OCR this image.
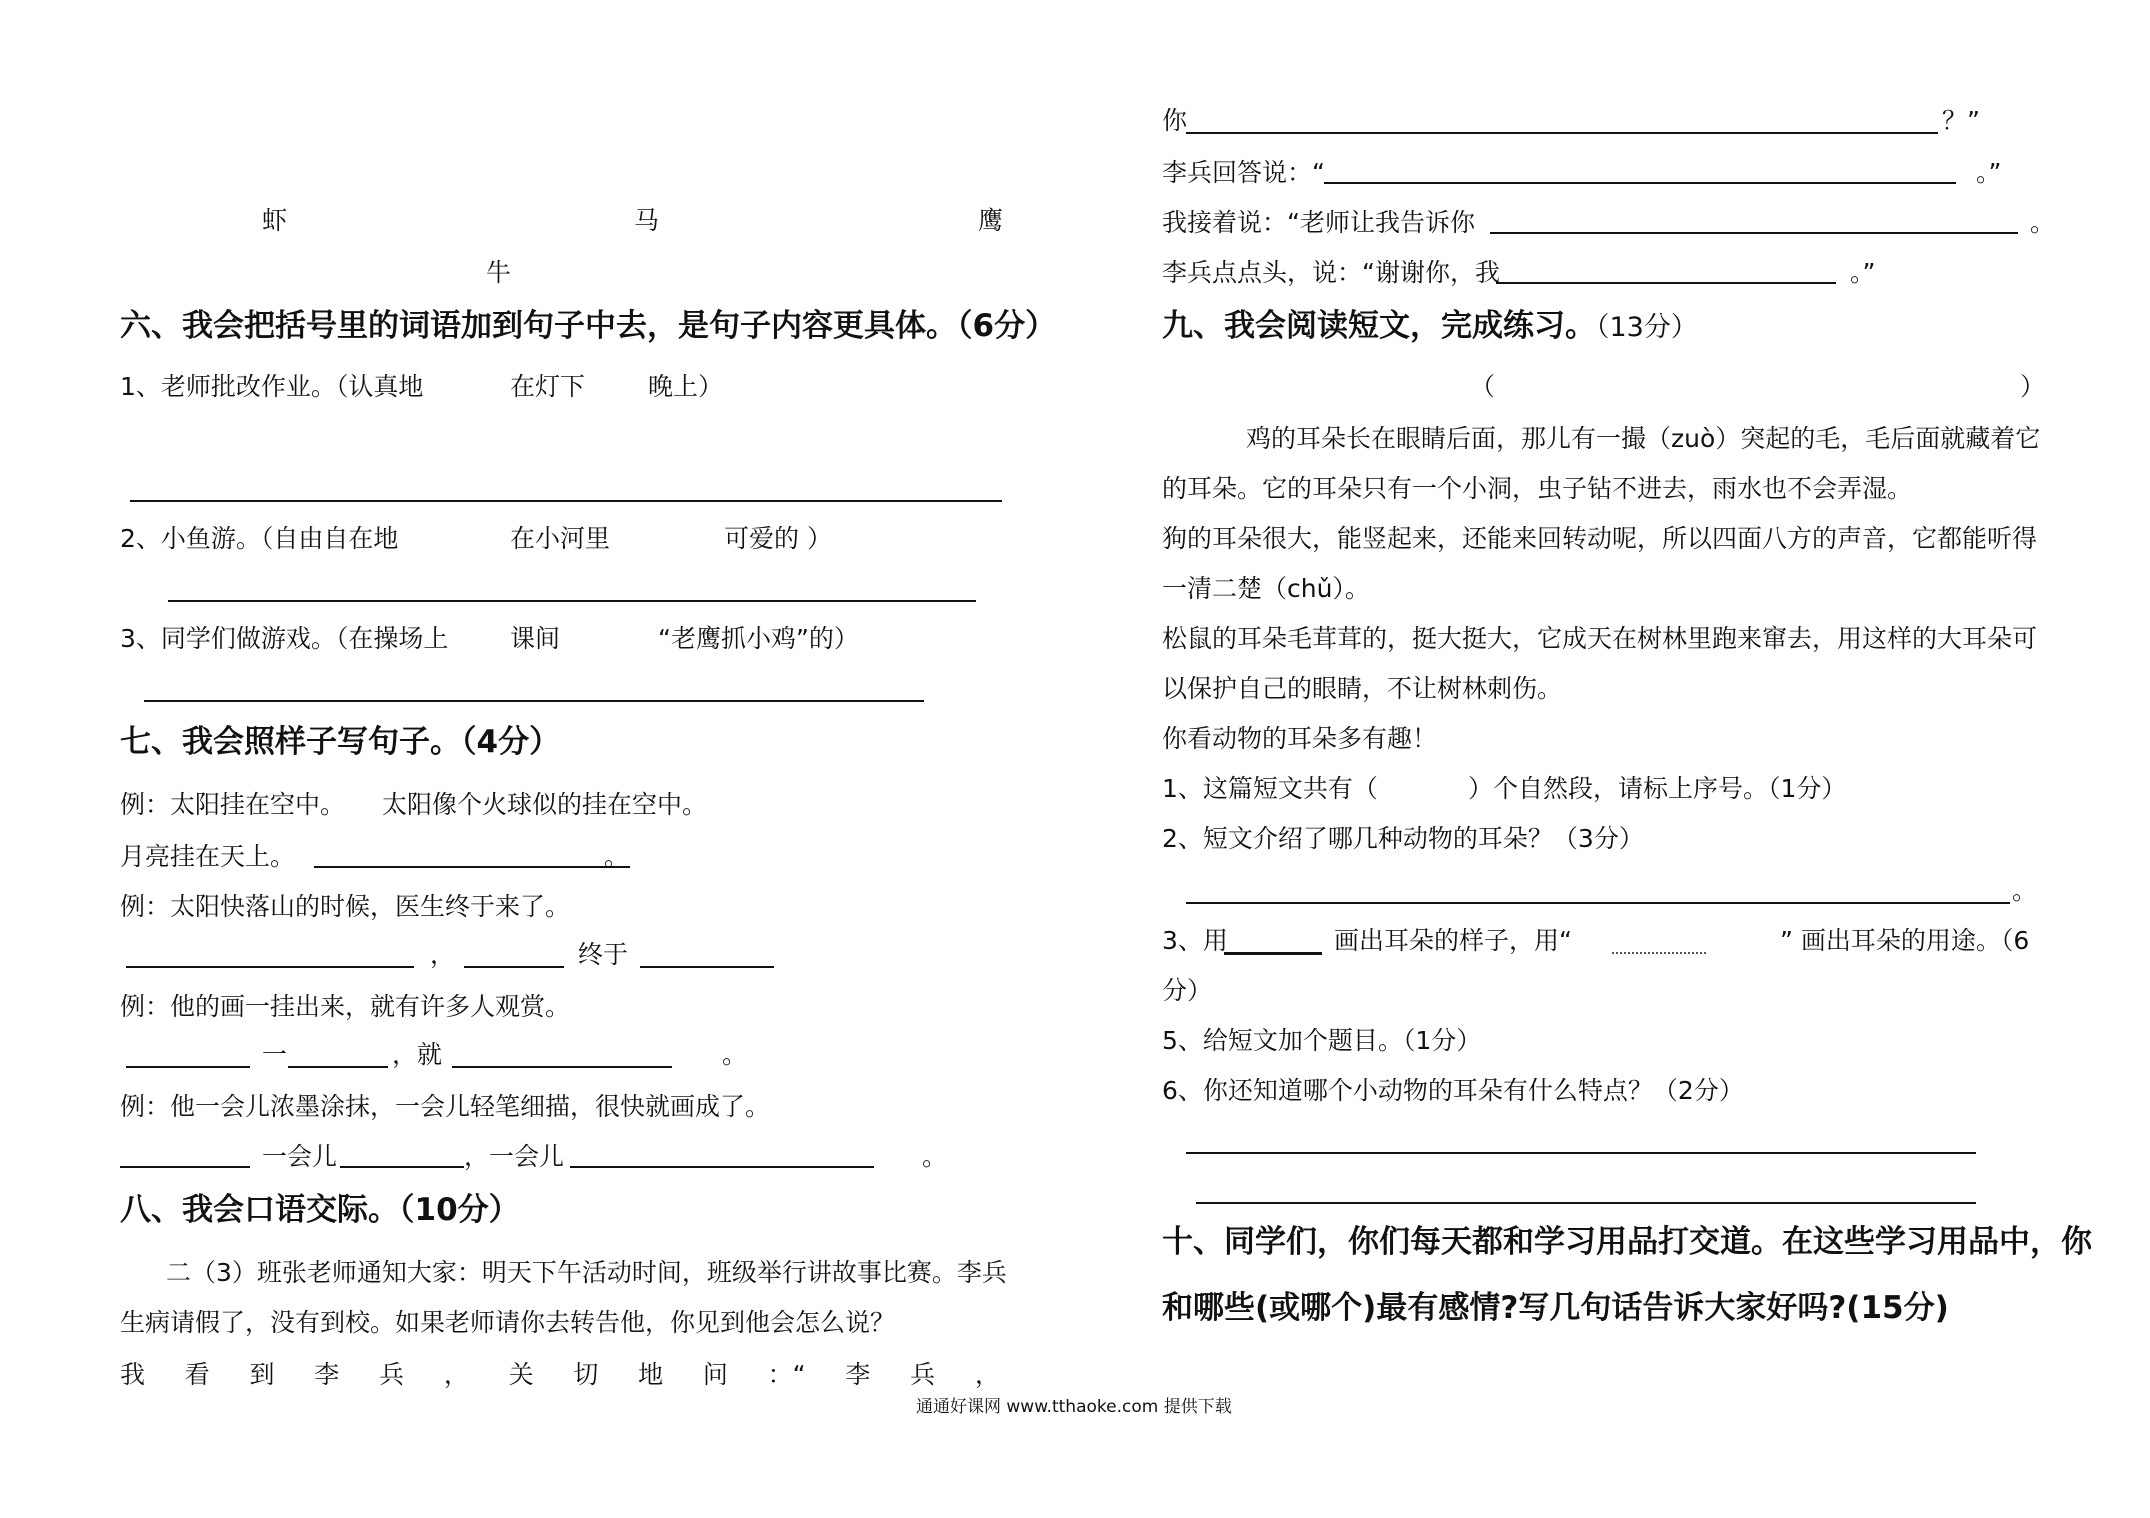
虾	马	鹰
牛
六、我会把括号里的词语加到句子中去，是句子内容更具体。（6分）
1、老师批改作业。（认真地	在灯下	晚上）
2、小鱼游。（自由自在地	在小河里	可爱的 ）
3、同学们做游戏。（在操场上 课间	“老鹰抓小鸡”的）
七、我会照样子写句子。（4分）
例：太阳挂在空中。 太阳像个火球似的挂在空中。
月亮挂在天上。	。
例：太阳快落山的时候，医生终于来了。
，	终于
例：他的画一挂出来，就有许多人观赏。
一	，就	。
例：他一会儿浓墨涂抹，一会儿轻笔细描，很快就画成了。
一会儿	，一会儿	。
八、我会口语交际。（10分）
二（3）班张老师通知大家：明天下午活动时间，班级举行讲故事比赛。李兵
生病请假了，没有到校。如果老师请你去转告他，你见到他会怎么说？
我 看 到 李 兵 ， 关 切 地 问 ：“ 李 兵 ，
你	？”
李兵回答说：“	。”
我接着说：“老师让我告诉你	。
李兵点点头，说：“谢谢你，我	。”
九、我会阅读短文，完成练习。（13分）
（	）
鸡的耳朵长在眼睛后面，那儿有一撮（zuò）突起的毛，毛后面就藏着它
的耳朵。它的耳朵只有一个小洞，虫子钻不进去，雨水也不会弄湿。
狗的耳朵很大，能竖起来，还能来回转动呢，所以四面八方的声音，它都能听得
一清二楚（chǔ）。
松鼠的耳朵毛茸茸的，挺大挺大，它成天在树林里跑来窜去，用这样的大耳朵可
以保护自己的眼睛，不让树林刺伤。
你看动物的耳朵多有趣！
1、这篇短文共有（	）个自然段，请标上序号。（1分）
2、短文介绍了哪几种动物的耳朵？（3分）
。
3、用	画出耳朵的样子，用“	” 画出耳朵的用途。（6
分）
5、给短文加个题目。（1分）
6、你还知道哪个小动物的耳朵有什么特点？（2分）
十、同学们，你们每天都和学习用品打交道。在这些学习用品中，你
和哪些(或哪个)最有感情?写几句话告诉大家好吗?(15分)
通通好课网 www.tthaoke.com 提供下载
